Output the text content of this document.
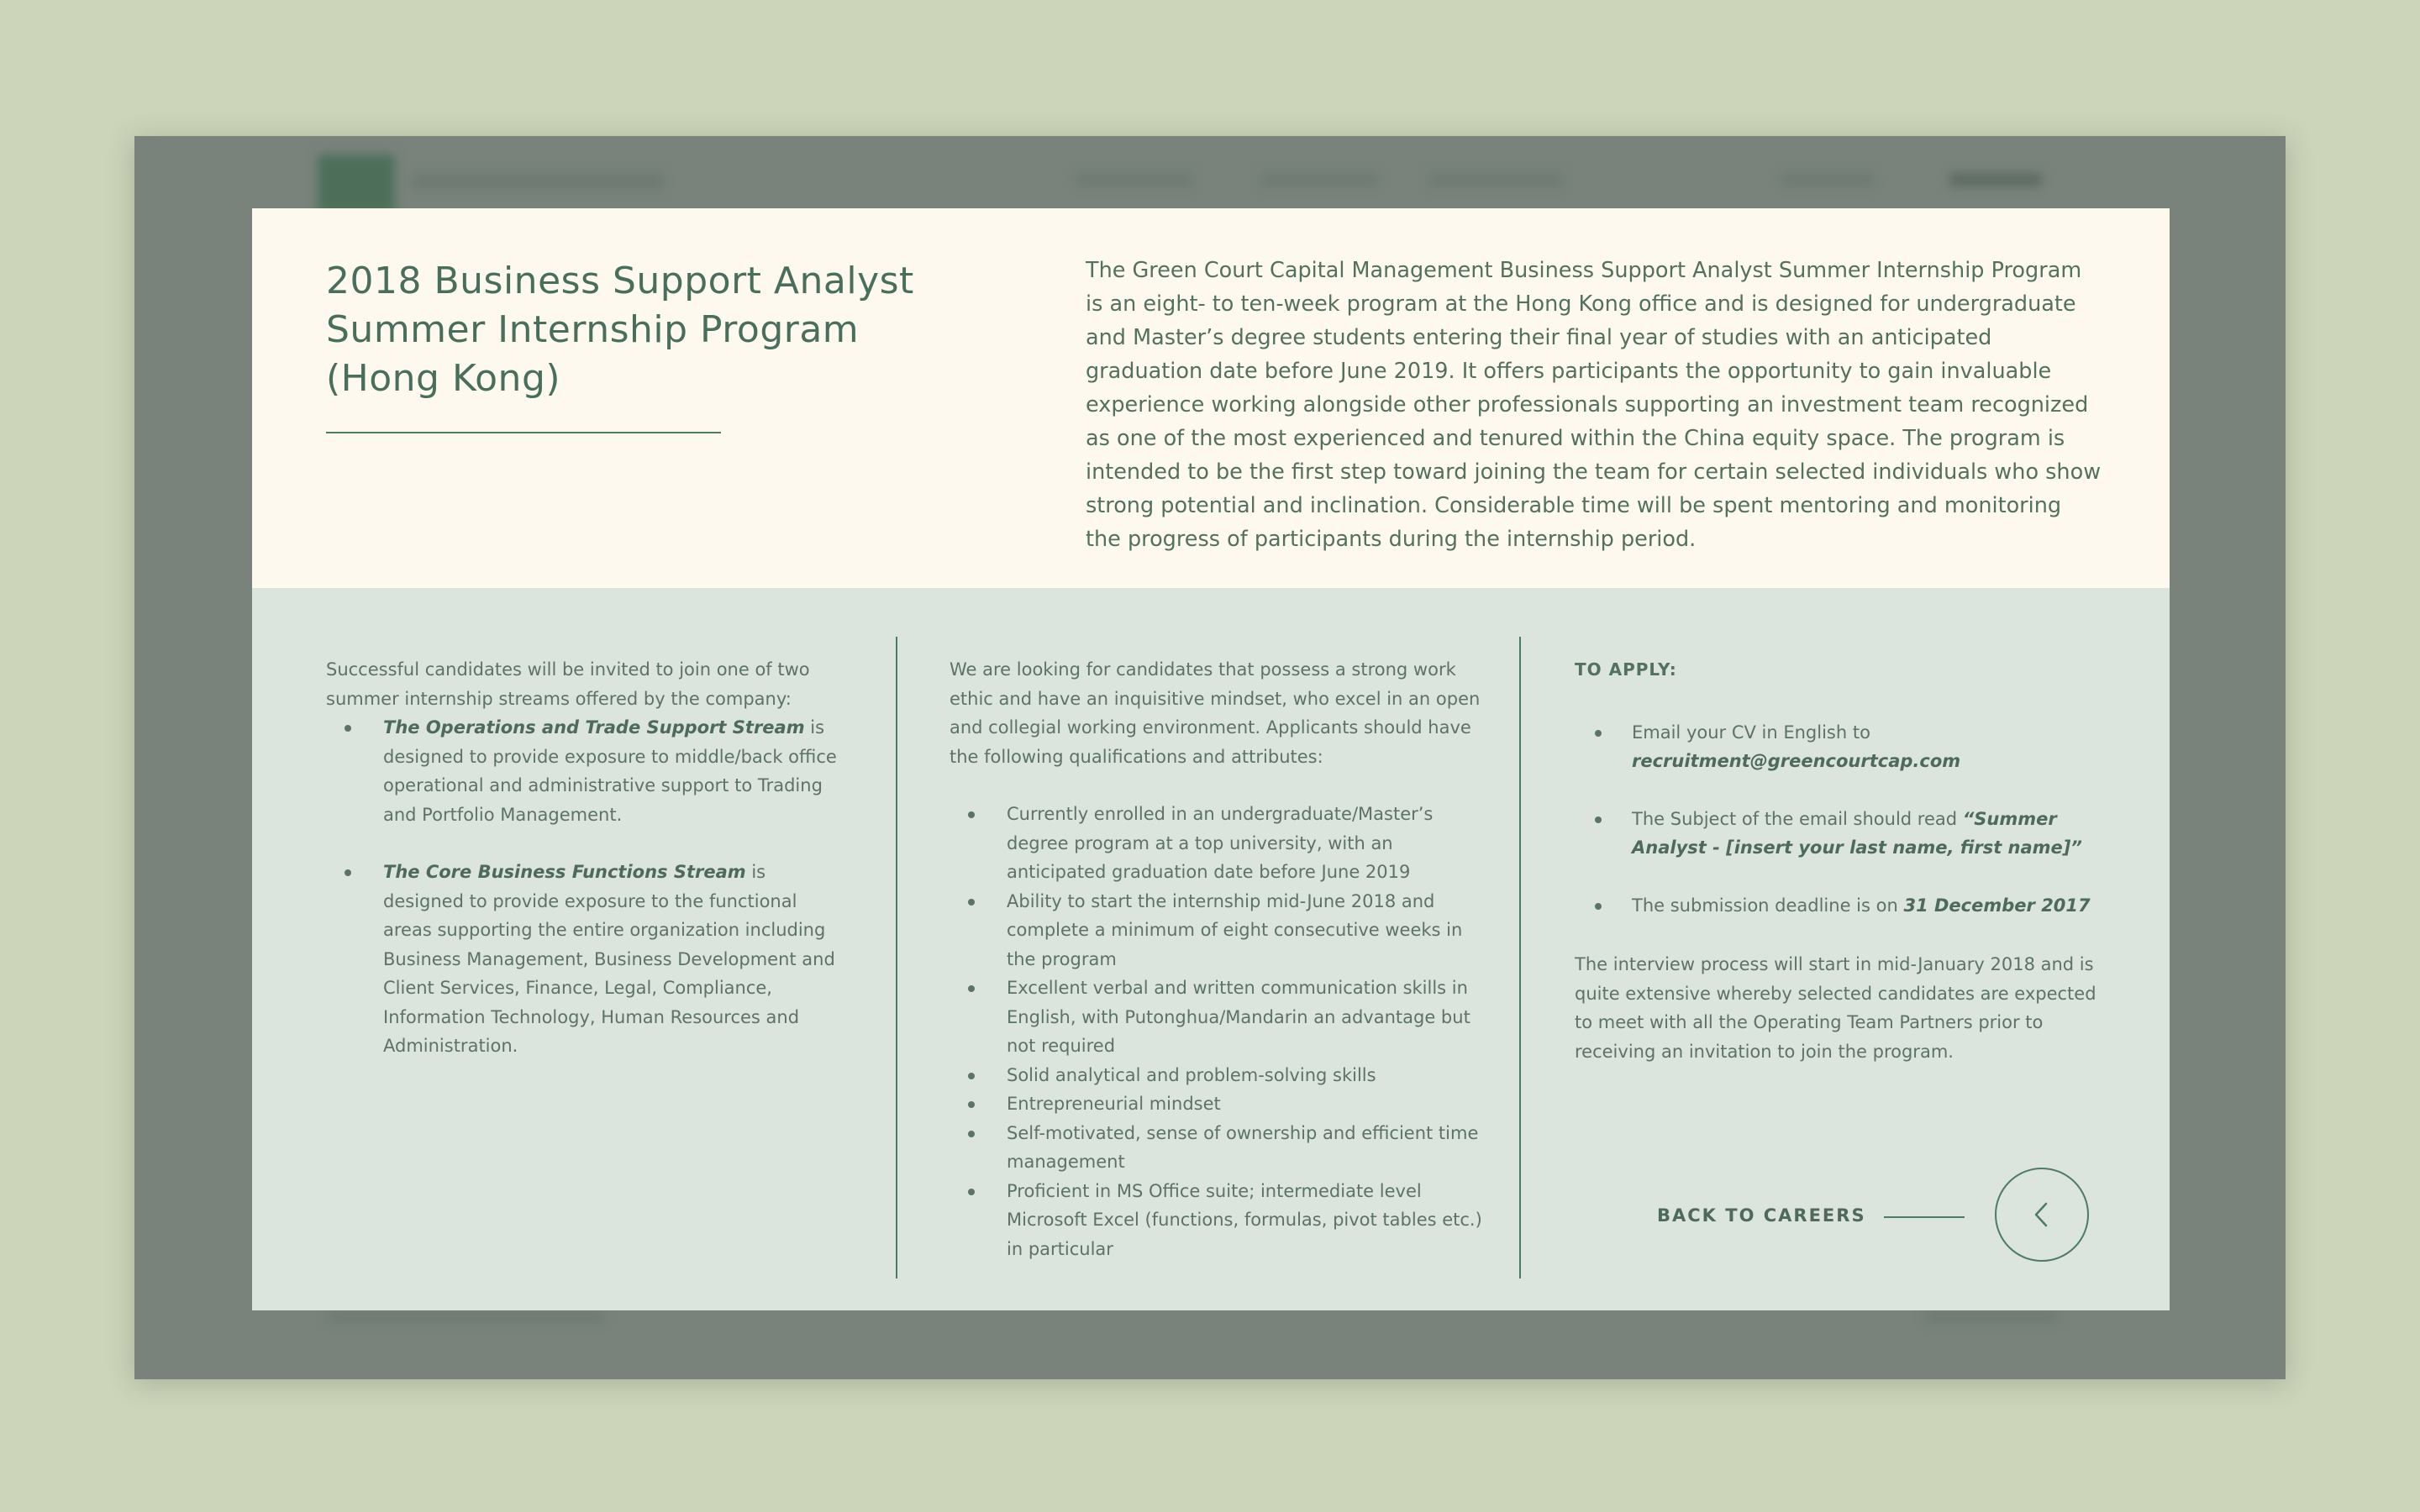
2018 Business Support Analyst Summer Internship Program (Hong Kong)

The Green Court Capital Management Business Support Analyst Summer Internship Program is an eight- to ten-week program at the Hong Kong office and is designed for undergraduate and Master’s degree students entering their final year of studies with an anticipated graduation date before June 2019. It offers participants the opportunity to gain invaluable experience working alongside other professionals supporting an investment team recognized as one of the most experienced and tenured within the China equity space. The program is intended to be the first step toward joining the team for certain selected individuals who show strong potential and inclination. Considerable time will be spent mentoring and monitoring the progress of participants during the internship period.

Successful candidates will be invited to join one of two summer internship streams offered by the company:

The Operations and Trade Support Stream is designed to provide exposure to middle/back office operational and administrative support to Trading and Portfolio Management.
The Core Business Functions Stream is designed to provide exposure to the functional areas supporting the entire organization including Business Management, Business Development and Client Services, Finance, Legal, Compliance, Information Technology, Human Resources and Administration.

We are looking for candidates that possess a strong work ethic and have an inquisitive mindset, who excel in an open and collegial working environment. Applicants should have the following qualifications and attributes:

Currently enrolled in an undergraduate/Master’s degree program at a top university, with an anticipated graduation date before June 2019
Ability to start the internship mid-June 2018 and complete a minimum of eight consecutive weeks in the program
Excellent verbal and written communication skills in English, with Putonghua/Mandarin an advantage but not required
Solid analytical and problem-solving skills
Entrepreneurial mindset
Self-motivated, sense of ownership and efficient time management
Proficient in MS Office suite; intermediate level Microsoft Excel (functions, formulas, pivot tables etc.) in particular

TO APPLY:

Email your CV in English to
recruitment@greencourtcap.com
The Subject of the email should read “Summer Analyst - [insert your last name, first name]”
The submission deadline is on 31 December 2017

The interview process will start in mid-January 2018 and is quite extensive whereby selected candidates are expected to meet with all the Operating Team Partners prior to receiving an invitation to join the program.

BACK TO CAREERS
